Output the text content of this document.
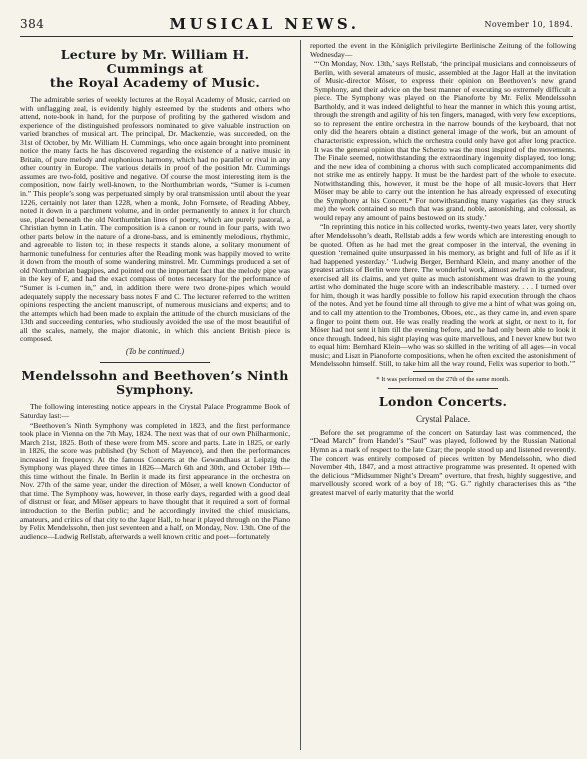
384	MUSICAL NEWS.	November 10, 1894.
Lecture by Mr. William H. Cummings at
the Royal Academy of Music.

The admirable series of weekly lectures at the Royal Academy of Music, carried on with unflagging zeal, is evidently highly esteemed by the students and others who attend, note-book in hand, for the purpose of profiting by the gathered wisdom and experience of the distinguished professors nominated to give valuable instruction on varied branches of musical art. The principal, Dr. Mackenzie, was succeeded, on the 31st of October, by Mr. William H. Cummings, who once again brought into prominent notice the many facts he has discovered regarding the existence of a native music in Britain, of pure melody and euphonious harmony, which had no parallel or rival in any other country in Europe. The various details in proof of the position Mr. Cummings assumes are two-fold, positive and negative. Of course the most interesting item is the composition, now fairly well-known, to the Northumbrian words, “Sumer is i-cumen in.” This people’s song was perpetuated simply by oral transmission until about the year 1226, certainly not later than 1228, when a monk, John Fornsete, of Reading Abbey, noted it down in a parchment volume, and in order permanently to annex it for church use, placed beneath the old Northumbrian lines of poetry, which are purely pastoral, a Christian hymn in Latin. The composition is a canon or round in four parts, with two other parts below in the nature of a drone-bass, and is eminently melodious, rhythmic, and agreeable to listen to; in these respects it stands alone, a solitary monument of harmonic tunefulness for centuries after the Reading monk was happily moved to write it down from the mouth of some wandering minstrel. Mr. Cummings produced a set of old Northumbrian bagpipes, and pointed out the important fact that the melody pipe was in the key of F, and had the exact compass of notes necessary for the performance of “Sumer is i-cumen in,” and, in addition there were two drone-pipes which would adequately supply the necessary bass notes F and C. The lecturer referred to the written opinions respecting the ancient manuscript, of numerous musicians and experts; and to the attempts which had been made to explain the attitude of the church musicians of the 13th and succeeding centuries, who studiously avoided the use of the most beautiful of all the scales, namely, the major diatonic, in which this ancient British piece is composed.

(To be continued.)
Mendelssohn and Beethoven’s Ninth
Symphony.

The following interesting notice appears in the Crystal Palace Programme Book of Saturday last:—

“Beethoven’s Ninth Symphony was completed in 1823, and the first performance took place in Vienna on the 7th May, 1824. The next was that of our own Philharmonic, March 21st, 1825. Both of these were from MS. score and parts. Late in 1825, or early in 1826, the score was published (by Schott of Mayence), and then the performances increased in frequency. At the famous Concerts at the Gewandhaus at Leipzig the Symphony was played three times in 1826—March 6th and 30th, and October 19th—this time without the finale. In Berlin it made its first appearance in the orchestra on Nov. 27th of the same year, under the direction of Möser, a well known Conductor of that time. The Symphony was, however, in those early days, regarded with a good deal of distrust or fear, and Möser appears to have thought that it required a sort of formal introduction to the Berlin public; and he accordingly invited the chief musicians, amateurs, and critics of that city to the Jagor Hall, to hear it played through on the Piano by Felix Mendelssohn, then just seventeen and a half, on Monday, Nov. 13th. One of the audience—Ludwig Rellstab, afterwards a well known critic and poet—fortunately

reported the event in the Königlich privilegirte Berlinische Zeitung of the following Wednesday—

“‘On Monday, Nov. 13th,’ says Rellstab, ‘the principal musicians and connoisseurs of Berlin, with several amateurs of music, assembled at the Jagor Hall at the invitation of Music-director Möser, to express their opinion on Beethoven’s new grand Symphony, and their advice on the best manner of executing so extremely difficult a piece. The Symphony was played on the Pianoforte by Mr. Felix Mendelssohn Bartholdy, and it was indeed delightful to hear the manner in which this young artist, through the strength and agility of his ten fingers, managed, with very few exceptions, so to represent the entire orchestra in the narrow bounds of the keyboard, that not only did the hearers obtain a distinct general image of the work, but an amount of characteristic expression, which the orchestra could only have got after long practice. It was the general opinion that the Scherzo was the most inspired of the movements. The Finale seemed, notwithstanding the extraordinary ingenuity displayed, too long; and the new idea of combining a chorus with such complicated accompaniments did not strike me as entirely happy. It must be the hardest part of the whole to execute. Notwithstanding this, however, it must be the hope of all music-lovers that Herr Möser may be able to carry out the intention he has already expressed of executing the Symphony at his Concert.* For notwithstanding many vagaries (as they struck me) the work contained so much that was grand, noble, astonishing, and colossal, as would repay any amount of pains bestowed on its study.’

“In reprinting this notice in his collected works, twenty-two years later, very shortly after Mendelssohn’s death, Rellstab adds a few words which are interesting enough to be quoted. Often as he had met the great composer in the interval, the evening in question ‘remained quite unsurpassed in his memory, as bright and full of life as if it had happened yesterday.’ ‘Ludwig Berger, Bernhard Klein, and many another of the greatest artists of Berlin were there. The wonderful work, almost awful in its grandeur, exercised all its claims, and yet quite as much astonishment was drawn to the young artist who dominated the huge score with an indescribable mastery. . . . I turned over for him, though it was hardly possible to follow his rapid execution through the chaos of the notes. And yet he found time all through to give me a hint of what was going on, and to call my attention to the Trombones, Oboes, etc., as they came in, and even spare a finger to point them out. He was really reading the work at sight, or next to it, for Möser had not sent it him till the evening before, and he had only been able to look it once through. Indeed, his sight playing was quite marvellous, and I never knew but two to equal him: Bernhard Klein—who was so skilled in the writing of all ages—in vocal music; and Liszt in Pianoforte compositions, when he often excited the astonishment of Mendelssohn himself. Still, to take him all the way round, Felix was superior to both.’”

* It was performed on the 27th of the same month.
London Concerts.
Crystal Palace.

Before the set programme of the concert on Saturday last was commenced, the “Dead March” from Handel’s “Saul” was played, followed by the Russian National Hymn as a mark of respect to the late Czar; the people stood up and listened reverently. The concert was entirely composed of pieces written by Mendelssohn, who died November 4th, 1847, and a most attractive programme was presented. It opened with the delicious “Midsummer Night’s Dream” overture, that fresh, highly suggestive, and marvellously scored work of a boy of 18; “G. G.” rightly characterises this as “the greatest marvel of early maturity that the world
